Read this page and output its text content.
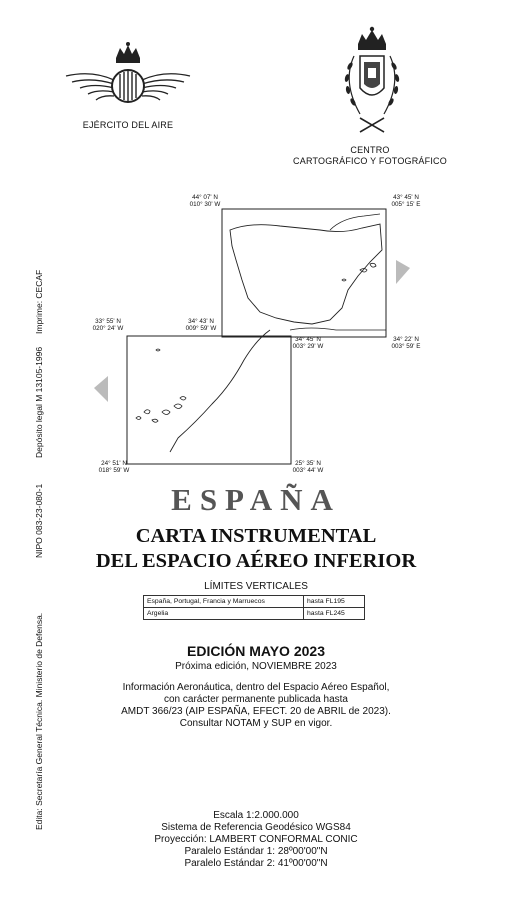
EJÉRCITO DEL AIRE
CENTRO
CARTOGRÁFICO Y FOTOGRÁFICO
44° 07' N
010° 30' W
43° 45' N
005° 15' E
34° 43' N
009° 59' W
34° 22' N
003° 59' E
33° 55' N
020° 24' W
34° 45' N
003° 29' W
24° 51' N
018° 59' W
25° 35' N
003° 44' W
Edita: Secretaría General Técnica. Ministerio de Defensa.
NIPO 083-23-080-1
Depósito legal M 13105-1996
Imprime: CECAF
ESPAÑA
CARTA INSTRUMENTAL
DEL ESPACIO AÉREO INFERIOR
LÍMITES VERTICALES
España, Portugal, Francia y Marruecos	hasta FL195
Argelia	hasta FL245
EDICIÓN MAYO 2023
Próxima edición, NOVIEMBRE 2023
Información Aeronáutica, dentro del Espacio Aéreo Español,
con carácter permanente publicada hasta
AMDT 366/23 (AIP ESPAÑA, EFECT. 20 de ABRIL de 2023).
Consultar NOTAM y SUP en vigor.
Escala 1:2.000.000
Sistema de Referencia Geodésico WGS84
Proyección: LAMBERT CONFORMAL CONIC
Paralelo Estándar 1: 28º00'00"N
Paralelo Estándar 2: 41º00'00"N
